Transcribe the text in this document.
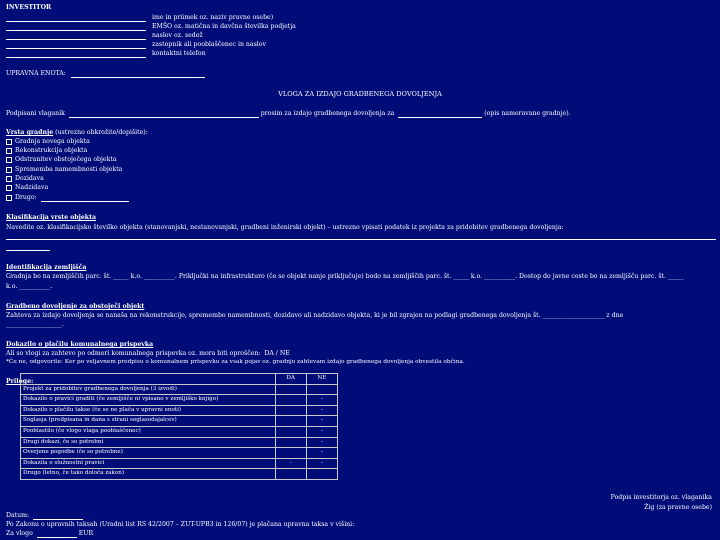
INVESTITOR
ime in priimek oz. naziv pravne osebe)
EMŠO oz. matična in davčna številka podjetja
naslov oz. sedež
zastopnik ali pooblaščenec in naslov
kontaktni telefon
UPRAVNA ENOTA:
VLOGA ZA IZDAJO GRADBENEGA DOVOLJENJA
Podpisani vlaganik	prosim za izdajo gradbenega dovoljenja za	(opis nameravane gradnje).
Vrsta gradnje (ustrezno obkrožite/dopišite):
Gradnja novega objekta
Rekonstrukcija objekta
Odstranitev obstoječega objekta
Sprememba namembnosti objekta
Dozidava
Nadzidava
Drugo:
Klasifikacija vrste objekta
Navedite oz. klasifikacijsko številko objekta (stanovanjski, nestanovanjski, gradbeni inženirski objekt) – ustrezno vpisati podatek iz projekta za pridobitev gradbenega dovoljenja:
Identifikacija zemljišča
Gradnja bo na zemljiščih parc. št. _____ k.o. __________. Priključki na infrastrukturo (če se objekt nanje priključuje) bodo na zemljiščih parc. št. _____ k.o. __________. Dostop do javne ceste bo na zemljišču parc. št. _____
k.o. __________.
Gradbeno dovoljenje za obstoječi objekt
Zahteva za izdajo dovoljenja se nanaša na rekonstrukcijo, spremembo namembnosti, dozidavo ali nadzidavo objekta, ki je bil zgrajen na podlagi gradbenega dovoljenja št. ____________________ z dne
__________________.
Dokazilo o plačilu komunalnega prispevka
Ali so vlogi za zahtevo po odmeri komunalnega prispevka oz. mora biti oproščen: DA / NE
*Če ne, odgovorite: Ker po veljavnem predpisu o komunalnem prispevku za vsak pojav oz. gradnjo zahtevam izdajo gradbenega dovoljenja obvestila občina.
Priloge:
		DA	NE
Projekt za pridobitev gradbenega dovoljenja (3 izvodi)		
Dokazilo o pravici graditi (če zemljišče ni vpisano v zemljiško knjigo)		-
Dokazilo o plačilu takse (če se ne plača v upravni enoti)		-
Soglasja (predpisana in dana s strani soglasodajalcev)		-
Pooblastilo (če vlogo vlaga pooblaščenec)		-
Drugi dokazi, če so potrebni		-
Overjene pogodbe (če so potrebne)		-
Dokazila o služnostni pravici	-	-
Drugo (letno, če tako določa zakon)		
Podpis investitorja oz. vlaganika
Žig (za pravne osebe)
Datum:
Po Zakonu o upravnih taksah (Uradni list RS 42/2007 – ZUT-UPB3 in 126/07) je plačana upravna taksa v višini:
Za vlogo	EUR
